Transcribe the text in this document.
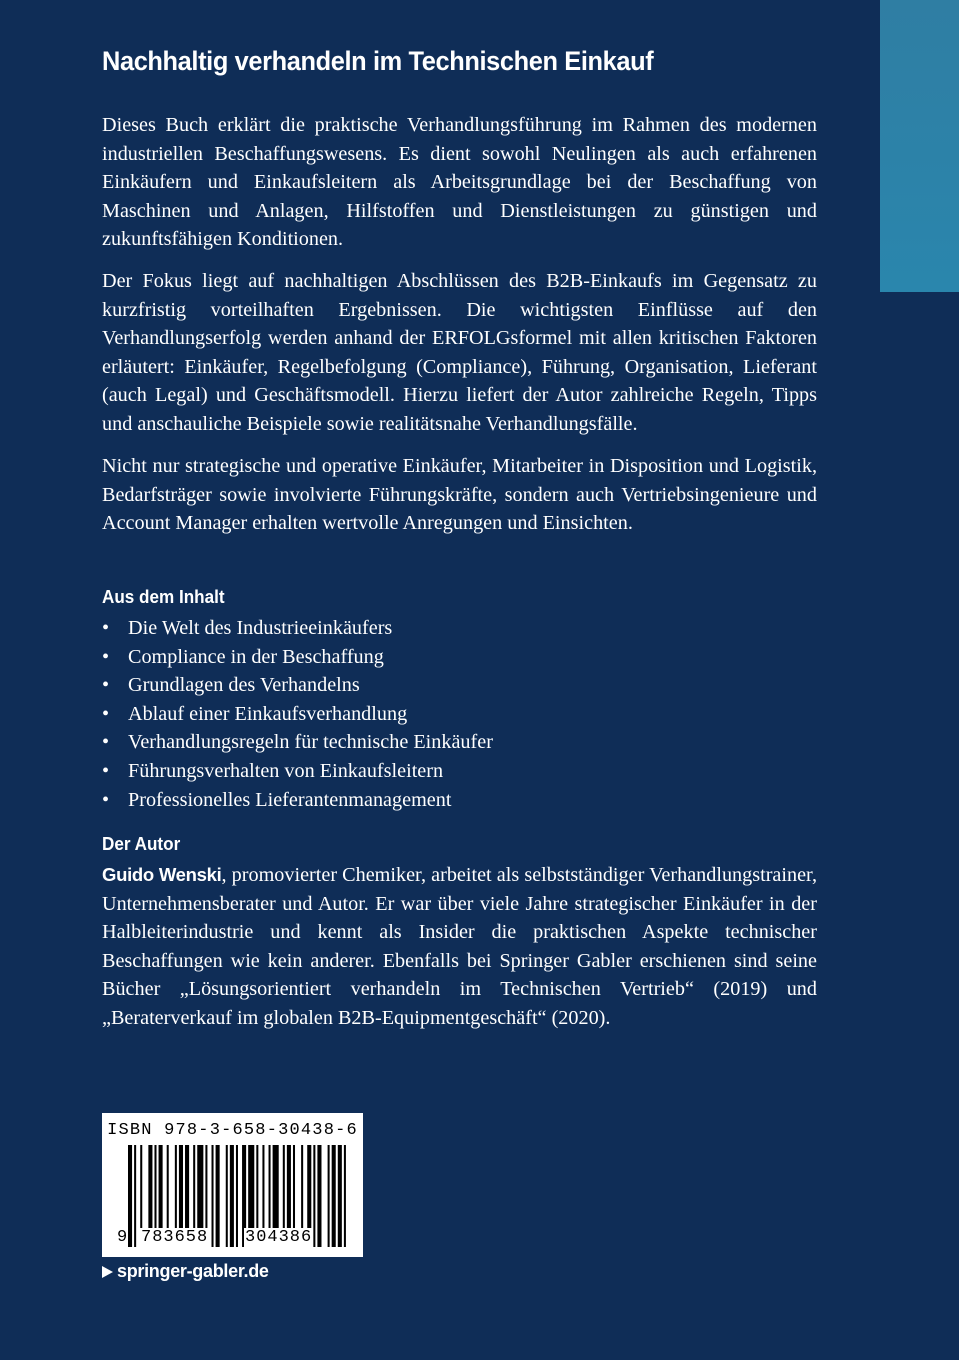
Nachhaltig verhandeln im Technischen Einkauf

Dieses Buch erklärt die praktische Verhandlungsführung im Rahmen des modernen industriellen Beschaffungswesens. Es dient sowohl Neulingen als auch erfahrenen Einkäufern und Einkaufsleitern als Arbeitsgrundlage bei der Beschaffung von Maschinen und Anlagen, Hilfstoffen und Dienstleistungen zu günstigen und zukunftsfähigen Konditionen.

Der Fokus liegt auf nachhaltigen Abschlüssen des B2B-Einkaufs im Gegensatz zu kurzfristig vorteilhaften Ergebnissen. Die wichtigsten Einflüsse auf den Verhandlungserfolg werden anhand der ERFOLGsformel mit allen kritischen Faktoren erläutert: Einkäufer, Regelbefolgung (Compliance), Führung, Organisation, Lieferant (auch Legal) und Geschäftsmodell. Hierzu liefert der Autor zahlreiche Regeln, Tipps und anschauliche Beispiele sowie realitätsnahe Verhandlungsfälle.

Nicht nur strategische und operative Einkäufer, Mitarbeiter in Disposition und Logistik, Bedarfsträger sowie involvierte Führungskräfte, sondern auch Vertriebsingenieure und Account Manager erhalten wertvolle Anregungen und Einsichten.

Aus dem Inhalt
• Die Welt des Industrieeinkäufers
• Compliance in der Beschaffung
• Grundlagen des Verhandelns
• Ablauf einer Einkaufsverhandlung
• Verhandlungsregeln für technische Einkäufer
• Führungsverhalten von Einkaufsleitern
• Professionelles Lieferantenmanagement
Der Autor

Guido Wenski, promovierter Chemiker, arbeitet als selbstständiger Verhandlungstrainer, Unternehmensberater und Autor. Er war über viele Jahre strategischer Einkäufer in der Halbleiterindustrie und kennt als Insider die praktischen Aspekte technischer Beschaffungen wie kein anderer. Ebenfalls bei Springer Gabler erschienen sind seine Bücher „Lösungsorientiert verhandeln im Technischen Vertrieb“ (2019) und „Beraterverkauf im globalen B2B-Equipmentgeschäft“ (2020).

ISBN 978-3-658-30438-6
9 783658 304386
springer-gabler.de
